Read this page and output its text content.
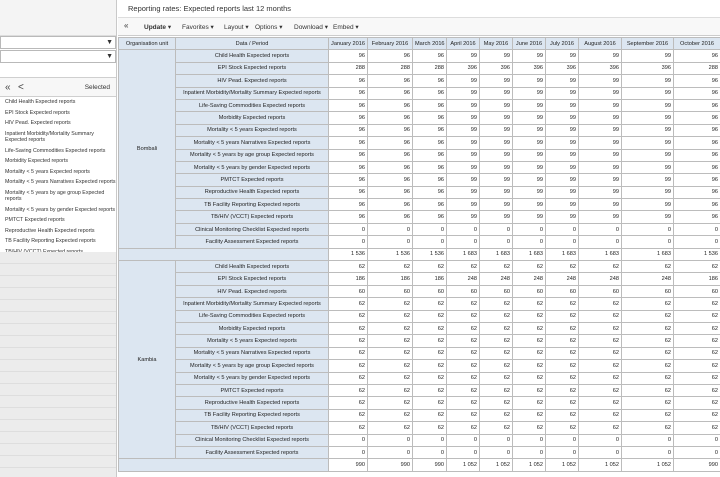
▼
▼
« <	Selected
Child Health Expected reports
EPI Stock Expected reports
HIV Pead. Expected reports
Inpatient Morbidity/Mortality Summary Expected reports
Life-Saving Commodities Expected reports
Morbidity Expected reports
Mortality < 5 years Expected reports
Mortality < 5 years Narratives Expected reports
Mortality < 5 years by age group Expected reports
Mortality < 5 years by gender Expected reports
PMTCT Expected reports
Reproductive Health Expected reports
TB Facility Reporting Expected reports
Reporting rates: Expected reports last 12 months
« Update ▾ Favorites ▾ Layout ▾ Options ▾ Download ▾ Embed ▾
Organisation unit	Data / Period	January 2016	February 2016	March 2016	April 2016	May 2016	June 2016	July 2016	August 2016	September 2016	October 2016
Bombali	Child Health Expected reports	96	96	96	99	99	99	99	99	99	96
	EPI Stock Expected reports	288	288	288	396	396	396	396	396	396	288
	HIV Pead. Expected reports	96	96	96	99	99	99	99	99	99	96
	Inpatient Morbidity/Mortality Summary Expected reports	96	96	96	99	99	99	99	99	99	96
	Life-Saving Commodities Expected reports	96	96	96	99	99	99	99	99	99	96
	Morbidity Expected reports	96	96	96	99	99	99	99	99	99	96
	Mortality < 5 years Expected reports	96	96	96	99	99	99	99	99	99	96
	Mortality < 5 years Narratives Expected reports	96	96	96	99	99	99	99	99	99	96
	Mortality < 5 years by age group Expected reports	96	96	96	99	99	99	99	99	99	96
	Mortality < 5 years by gender Expected reports	96	96	96	99	99	99	99	99	99	96
	PMTCT Expected reports	96	96	96	99	99	99	99	99	99	96
	Reproductive Health Expected reports	96	96	96	99	99	99	99	99	99	96
	TB Facility Reporting Expected reports	96	96	96	99	99	99	99	99	99	96
	TB/HIV (VCCT) Expected reports	96	96	96	99	99	99	99	99	99	96
	Clinical Monitoring Checklist Expected reports	0	0	0	0	0	0	0	0	0	0
	Facility Assessment Expected reports	0	0	0	0	0	0	0	0	0	0
		1 536	1 536	1 536	1 683	1 683	1 683	1 683	1 683	1 683	1 536
Kambia	Child Health Expected reports	62	62	62	62	62	62	62	62	62	62
	EPI Stock Expected reports	186	186	186	248	248	248	248	248	248	186
	HIV Pead. Expected reports	60	60	60	60	60	60	60	60	60	60
	Inpatient Morbidity/Mortality Summary Expected reports	62	62	62	62	62	62	62	62	62	62
	Life-Saving Commodities Expected reports	62	62	62	62	62	62	62	62	62	62
	Morbidity Expected reports	62	62	62	62	62	62	62	62	62	62
	Mortality < 5 years Expected reports	62	62	62	62	62	62	62	62	62	62
	Mortality < 5 years Narratives Expected reports	62	62	62	62	62	62	62	62	62	62
	Mortality < 5 years by age group Expected reports	62	62	62	62	62	62	62	62	62	62
	Mortality < 5 years by gender Expected reports	62	62	62	62	62	62	62	62	62	62
	PMTCT Expected reports	62	62	62	62	62	62	62	62	62	62
	Reproductive Health Expected reports	62	62	62	62	62	62	62	62	62	62
	TB Facility Reporting Expected reports	62	62	62	62	62	62	62	62	62	62
	TB/HIV (VCCT) Expected reports	62	62	62	62	62	62	62	62	62	62
	Clinical Monitoring Checklist Expected reports	0	0	0	0	0	0	0	0	0	0
	Facility Assessment Expected reports	0	0	0	0	0	0	0	0	0	0
		990	990	990	1 052	1 052	1 052	1 052	1 052	1 052	990
